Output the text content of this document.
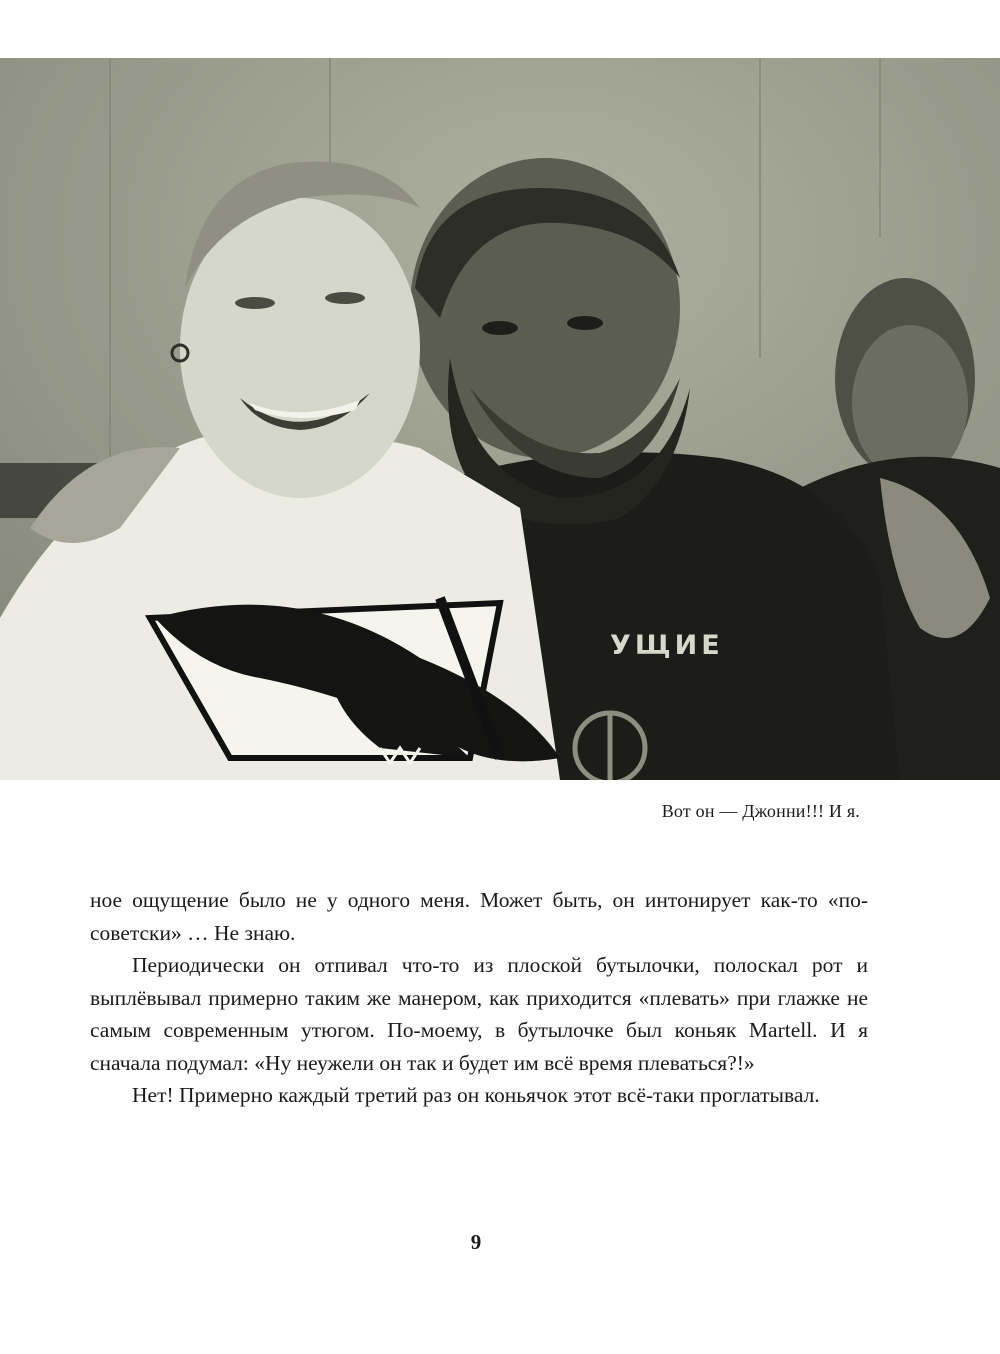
УЩИЕ
Вот он — Джонни!!! И я.

ное ощущение было не у одного меня. Может быть, он интонирует как-то «по-советски» … Не знаю.

Периодически он отпивал что-то из плоской бутылочки, полоскал рот и выплёвывал примерно таким же манером, как приходится «плевать» при глажке не самым современным утюгом. По-моему, в бутылочке был коньяк Martell. И я сначала подумал: «Ну неужели он так и будет им всё время плеваться?!»

Нет! Примерно каждый третий раз он коньячок этот всё-таки проглатывал.

9
